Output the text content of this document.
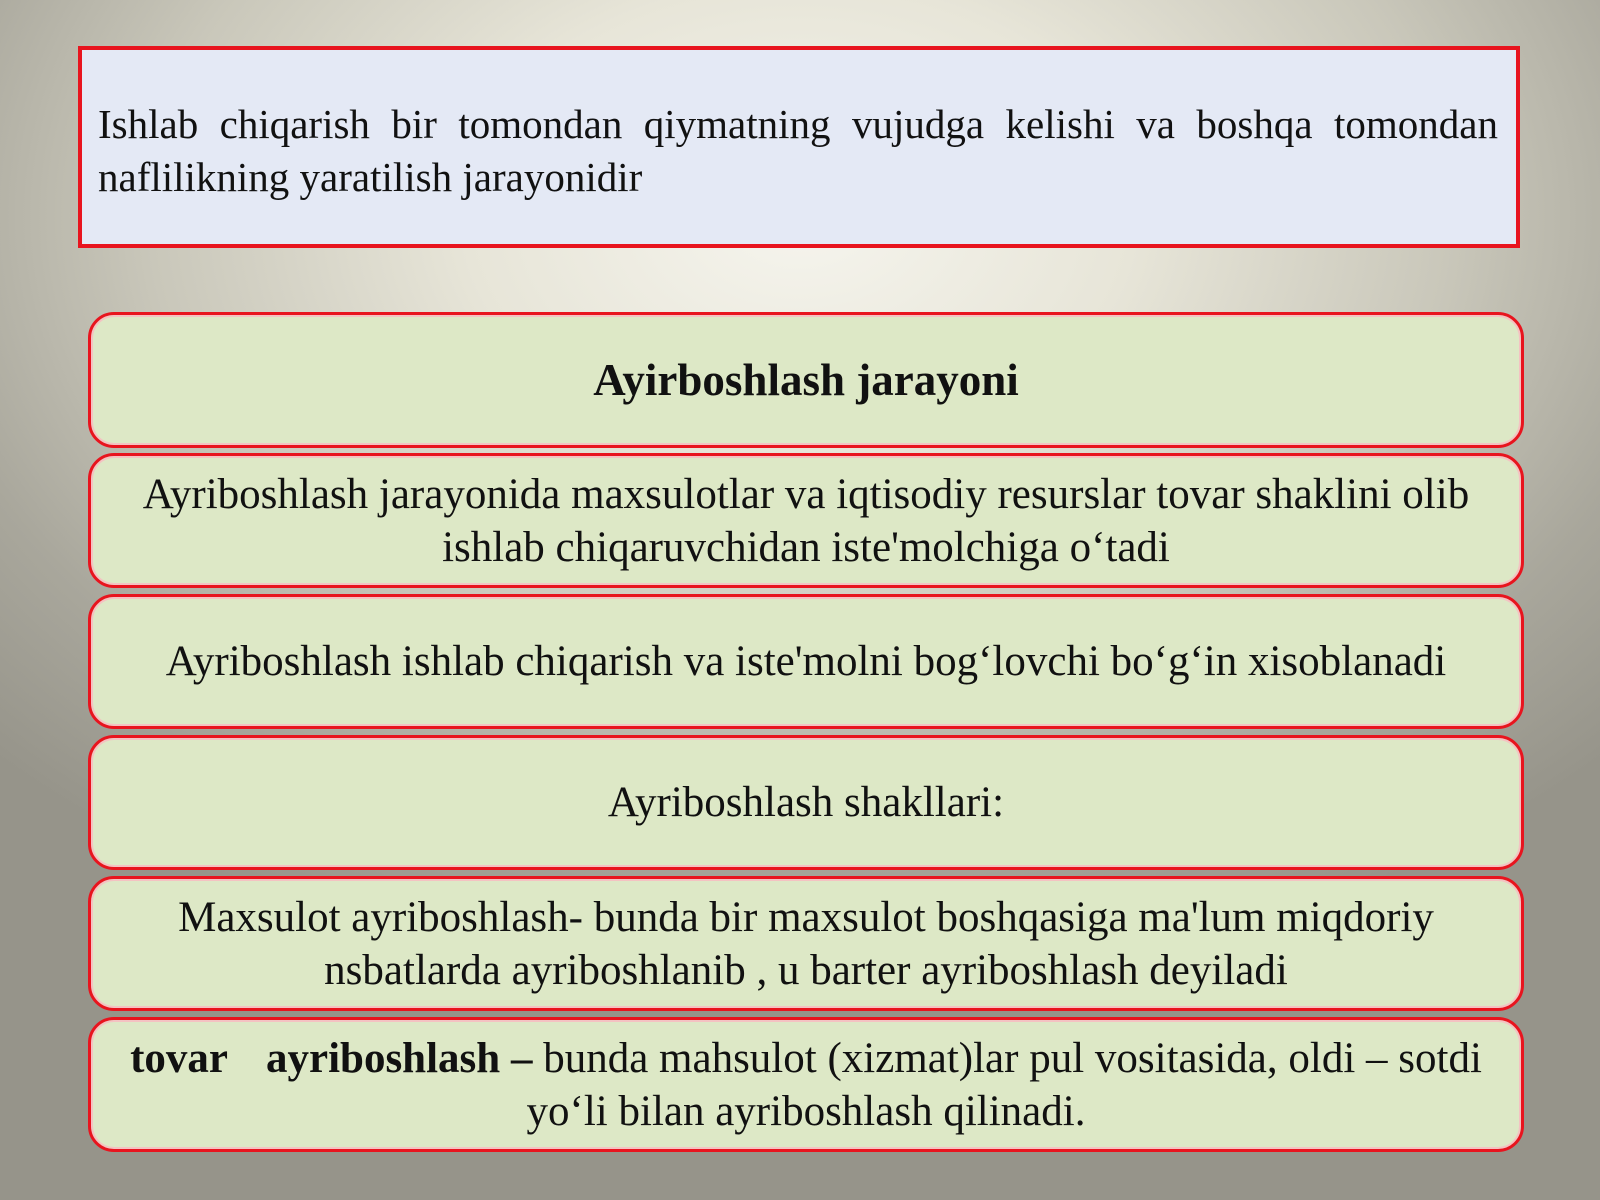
Ishlab chiqarish bir tomondan qiymatning vujudga kelishi va boshqa tomondan naflilikning yaratilish jarayonidir

Ayirboshlash jarayoni

Ayriboshlash jarayonida maxsulotlar va iqtisodiy resurslar tovar shaklini olib ishlab chiqaruvchidan iste'molchiga o‘tadi

Ayriboshlash ishlab chiqarish va iste'molni bog‘lovchi bo‘g‘in xisoblanadi

Ayriboshlash shakllari:

Maxsulot ayriboshlash- bunda bir maxsulot boshqasiga ma'lum miqdoriy nsbatlarda ayriboshlanib , u barter ayriboshlash deyiladi

tovar ayriboshlash – bunda mahsulot (xizmat)lar pul vositasida, oldi – sotdi yo‘li bilan ayriboshlash qilinadi.
